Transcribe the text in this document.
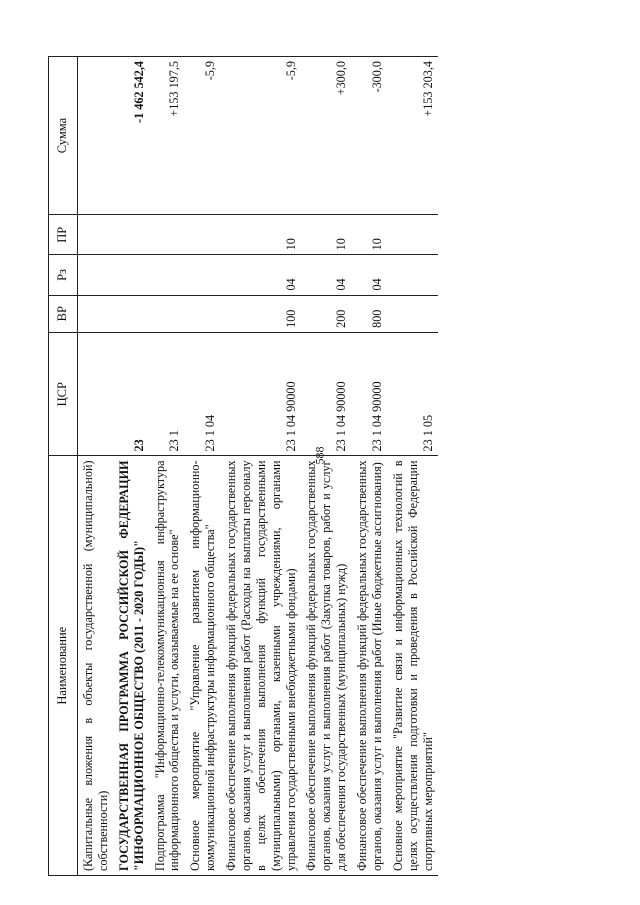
588
Наименование	ЦСР	ВР	Рз	ПР	Сумма
(Капитальные вложения в объекты государственной (муниципальной) собственности)					
ГОСУДАРСТВЕННАЯ ПРОГРАММА РОССИЙСКОЙ ФЕДЕРАЦИИ "ИНФОРМАЦИОННОЕ ОБЩЕСТВО (2011 - 2020 ГОДЫ)"	23				-1 462 542,4
Подпрограмма "Информационно-телекоммуникационная инфраструктура информационного общества и услуги, оказываемые на ее основе"	23 1				+153 197,5
Основное мероприятие "Управление развитием информационно-коммуникационной инфраструктуры информационного общества"	23 1 04				-5,9
Финансовое обеспечение выполнения функций федеральных государственных органов, оказания услуг и выполнения работ (Расходы на выплаты персоналу в целях обеспечения выполнения функций государственными (муниципальными) органами, казенными учреждениями, органами управления государственными внебюджетными фондами)	23 1 04 90000	100	04	10	-5,9
Финансовое обеспечение выполнения функций федеральных государственных органов, оказания услуг и выполнения работ (Закупка товаров, работ и услуг для обеспечения государственных (муниципальных) нужд)	23 1 04 90000	200	04	10	+300,0
Финансовое обеспечение выполнения функций федеральных государственных органов, оказания услуг и выполнения работ (Иные бюджетные ассигнования)	23 1 04 90000	800	04	10	-300,0
Основное мероприятие "Развитие связи и информационных технологий в целях осуществления подготовки и проведения в Российской Федерации спортивных мероприятий"	23 1 05				+153 203,4
